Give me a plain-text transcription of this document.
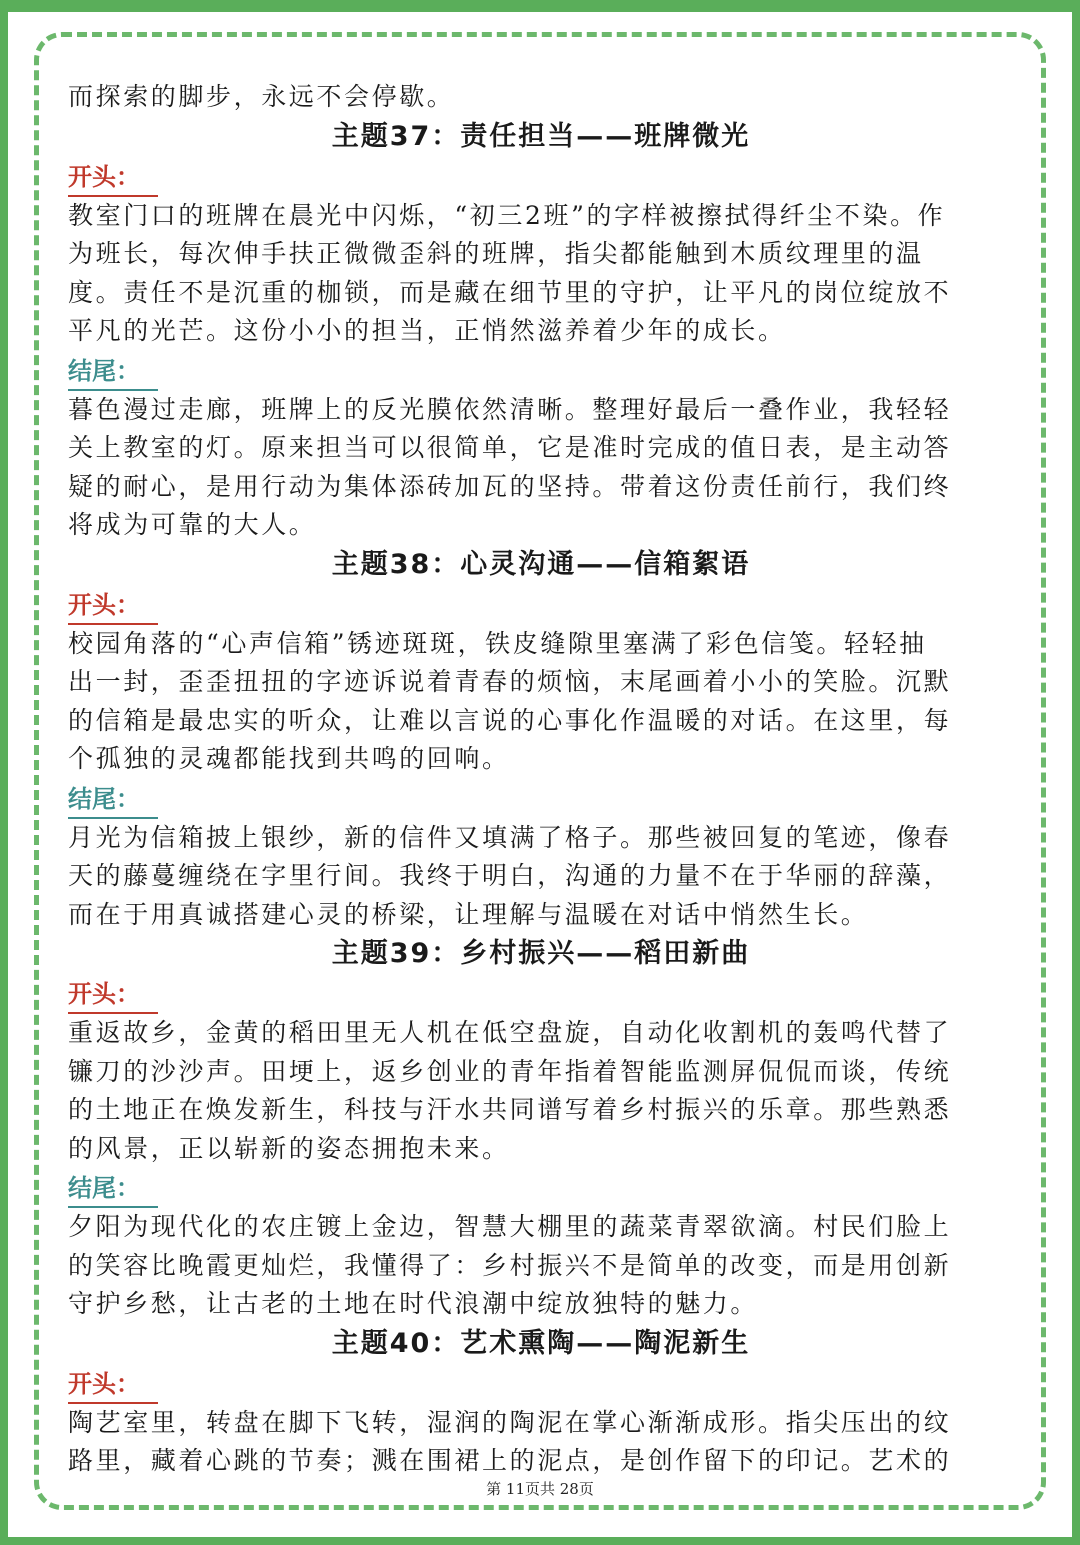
而探索的脚步，永远不会停歇。

主题37：责任担当——班牌微光
开头：

教室门口的班牌在晨光中闪烁，“初三2班”的字样被擦拭得纤尘不染。作

为班长，每次伸手扶正微微歪斜的班牌，指尖都能触到木质纹理里的温

度。责任不是沉重的枷锁，而是藏在细节里的守护，让平凡的岗位绽放不

平凡的光芒。这份小小的担当，正悄然滋养着少年的成长。

结尾：

暮色漫过走廊，班牌上的反光膜依然清晰。整理好最后一叠作业，我轻轻

关上教室的灯。原来担当可以很简单，它是准时完成的值日表，是主动答

疑的耐心，是用行动为集体添砖加瓦的坚持。带着这份责任前行，我们终

将成为可靠的大人。

主题38：心灵沟通——信箱絮语
开头：

校园角落的“心声信箱”锈迹斑斑，铁皮缝隙里塞满了彩色信笺。轻轻抽

出一封，歪歪扭扭的字迹诉说着青春的烦恼，末尾画着小小的笑脸。沉默

的信箱是最忠实的听众，让难以言说的心事化作温暖的对话。在这里，每

个孤独的灵魂都能找到共鸣的回响。

结尾：

月光为信箱披上银纱，新的信件又填满了格子。那些被回复的笔迹，像春

天的藤蔓缠绕在字里行间。我终于明白，沟通的力量不在于华丽的辞藻，

而在于用真诚搭建心灵的桥梁，让理解与温暖在对话中悄然生长。

主题39：乡村振兴——稻田新曲
开头：

重返故乡，金黄的稻田里无人机在低空盘旋，自动化收割机的轰鸣代替了

镰刀的沙沙声。田埂上，返乡创业的青年指着智能监测屏侃侃而谈，传统

的土地正在焕发新生，科技与汗水共同谱写着乡村振兴的乐章。那些熟悉

的风景，正以崭新的姿态拥抱未来。

结尾：

夕阳为现代化的农庄镀上金边，智慧大棚里的蔬菜青翠欲滴。村民们脸上

的笑容比晚霞更灿烂，我懂得了：乡村振兴不是简单的改变，而是用创新

守护乡愁，让古老的土地在时代浪潮中绽放独特的魅力。

主题40：艺术熏陶——陶泥新生
开头：

陶艺室里，转盘在脚下飞转，湿润的陶泥在掌心渐渐成形。指尖压出的纹

路里，藏着心跳的节奏；溅在围裙上的泥点，是创作留下的印记。艺术的

第 11页共 28页
